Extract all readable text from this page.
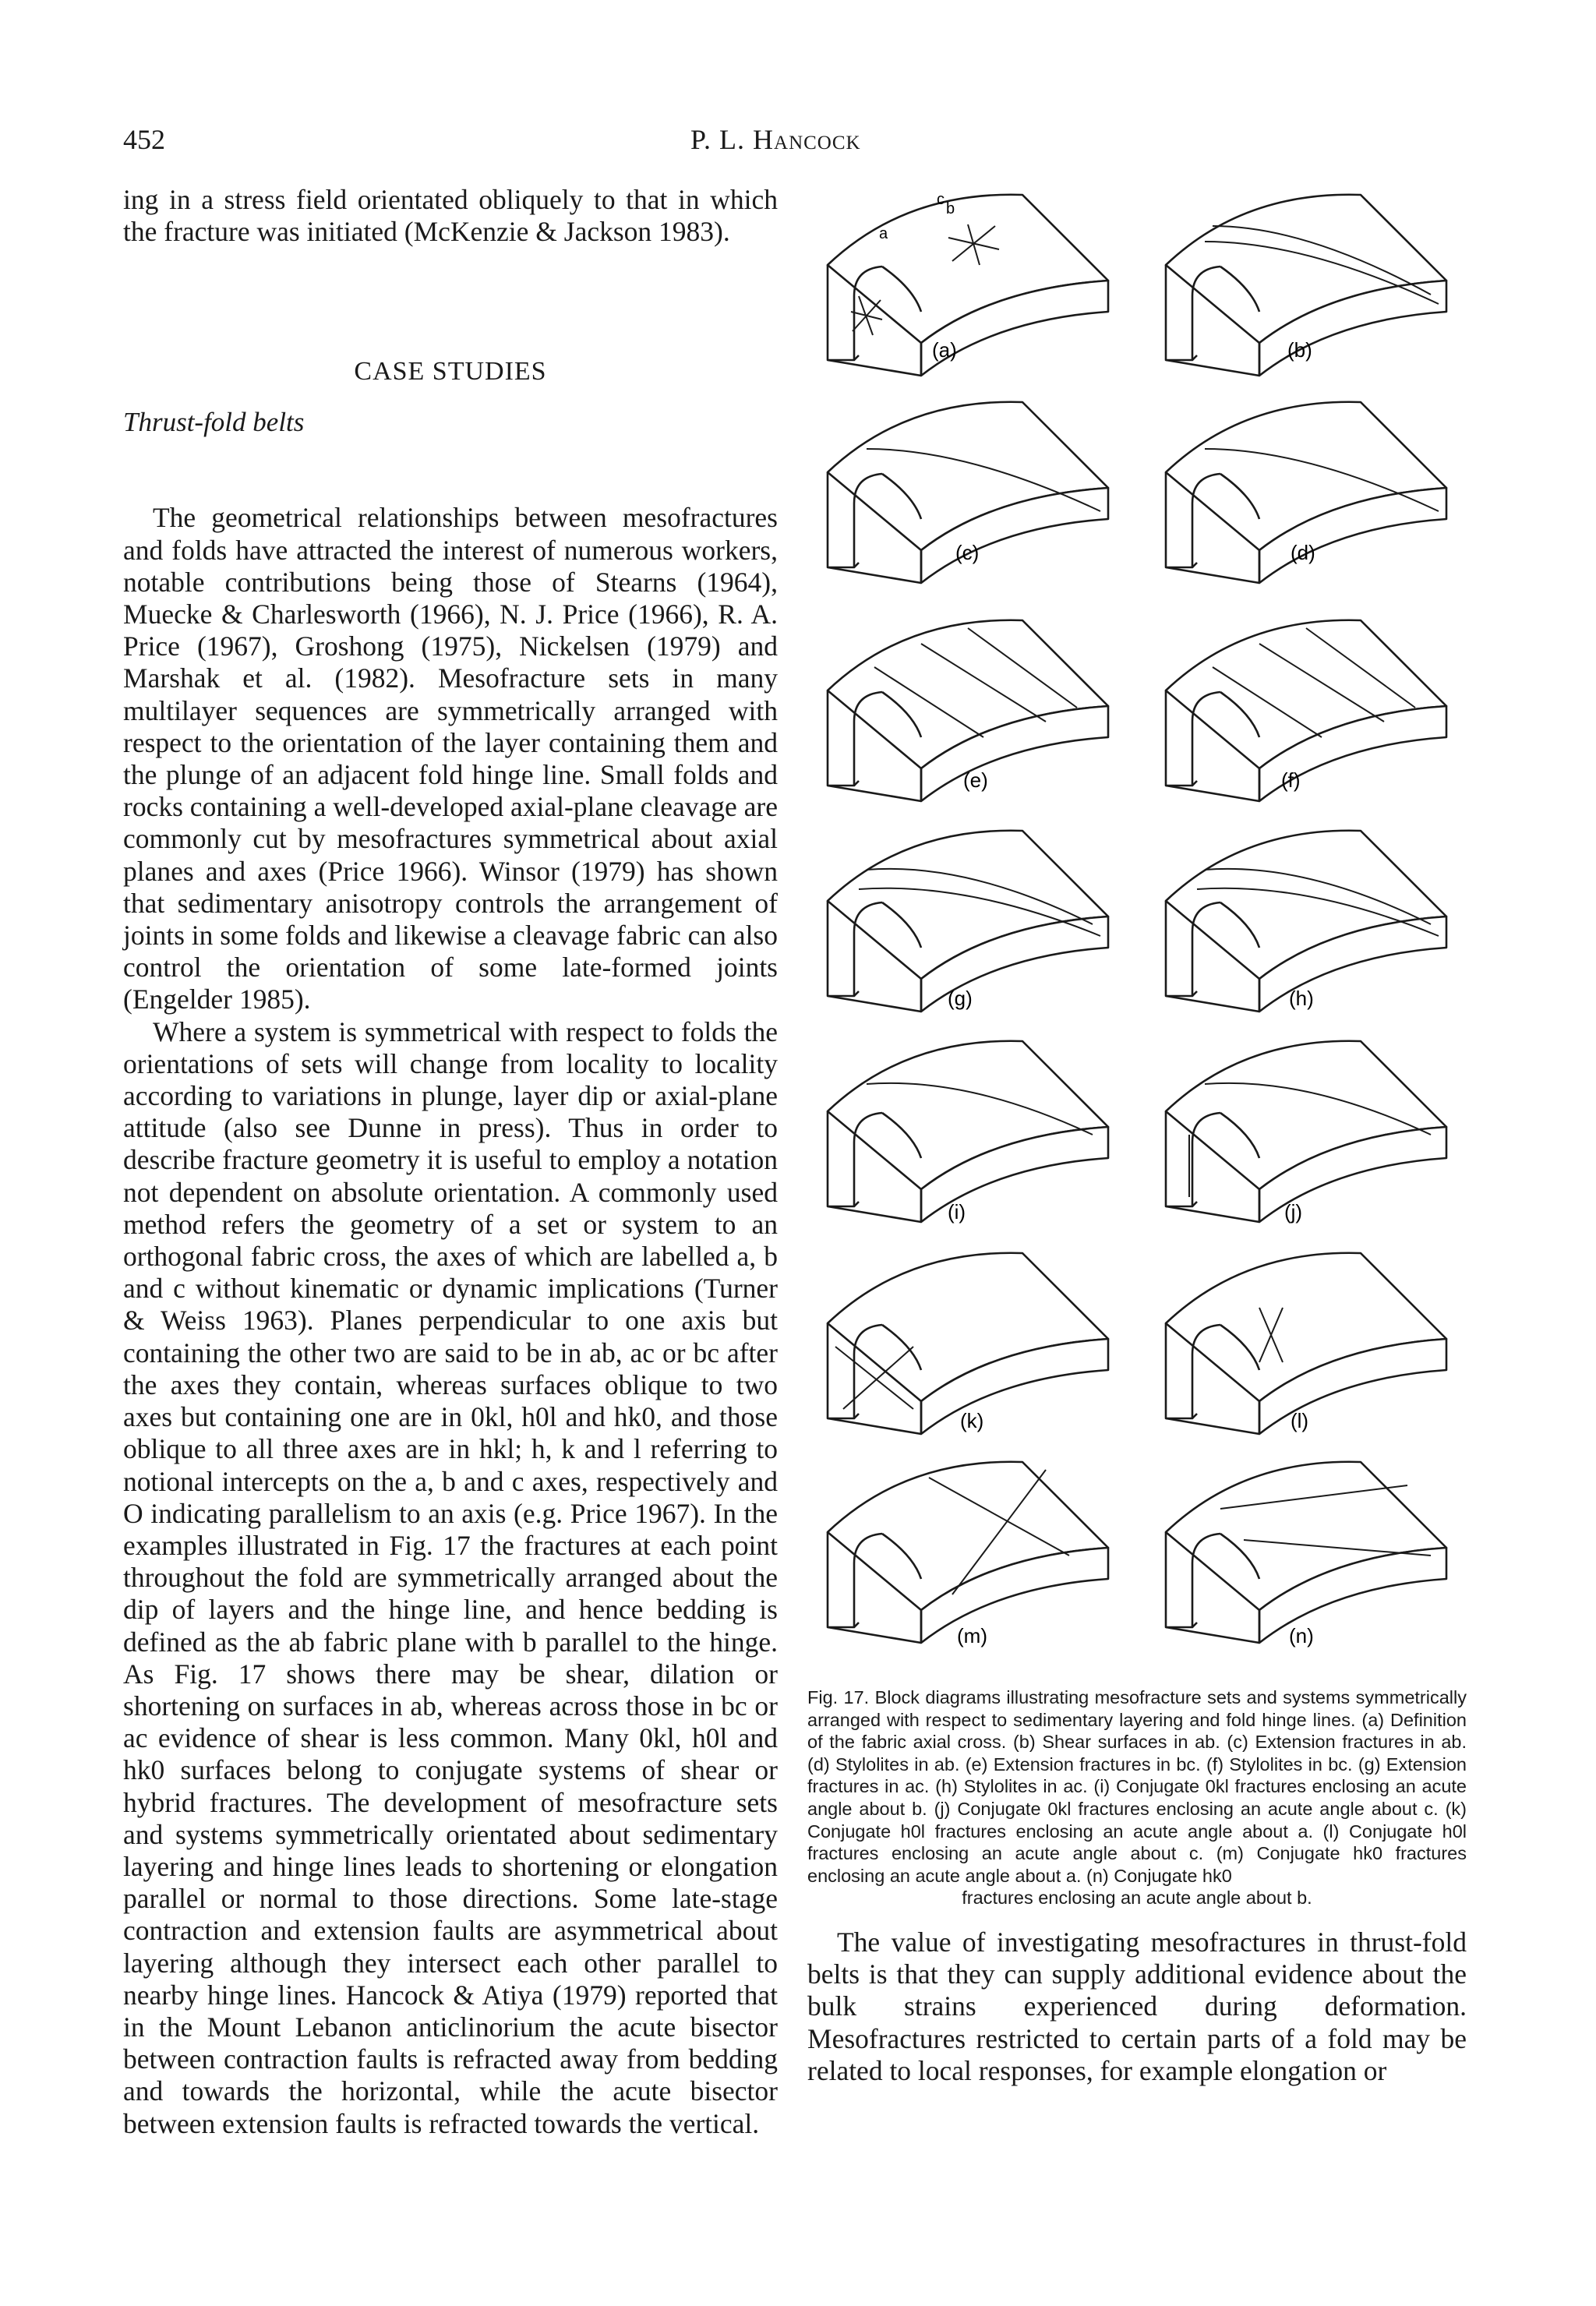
452	P. L. Hancock

ing in a stress field orientated obliquely to that in which the fracture was initiated (McKenzie & Jackson 1983).

CASE STUDIES
Thrust-fold belts

The geometrical relationships between mesofractures and folds have attracted the interest of numerous workers, notable contributions being those of Stearns (1964), Muecke & Charlesworth (1966), N. J. Price (1966), R. A. Price (1967), Groshong (1975), Nickelsen (1979) and Marshak et al. (1982). Mesofracture sets in many multilayer sequences are symmetrically arranged with respect to the orientation of the layer containing them and the plunge of an adjacent fold hinge line. Small folds and rocks containing a well-developed axial-plane cleavage are commonly cut by mesofractures symmetrical about axial planes and axes (Price 1966). Winsor (1979) has shown that sedimentary anisotropy controls the arrangement of joints in some folds and likewise a cleavage fabric can also control the orientation of some late-formed joints (Engelder 1985).

Where a system is symmetrical with respect to folds the orientations of sets will change from locality to locality according to variations in plunge, layer dip or axial-plane attitude (also see Dunne in press). Thus in order to describe fracture geometry it is useful to employ a notation not dependent on absolute orientation. A commonly used method refers the geometry of a set or system to an orthogonal fabric cross, the axes of which are labelled a, b and c without kinematic or dynamic implications (Turner & Weiss 1963). Planes perpendicular to one axis but containing the other two are said to be in ab, ac or bc after the axes they contain, whereas surfaces oblique to two axes but containing one are in 0kl, h0l and hk0, and those oblique to all three axes are in hkl; h, k and l referring to notional intercepts on the a, b and c axes, respectively and O indicating parallelism to an axis (e.g. Price 1967). In the examples illustrated in Fig. 17 the fractures at each point throughout the fold are symmetrically arranged about the dip of layers and the hinge line, and hence bedding is defined as the ab fabric plane with b parallel to the hinge. As Fig. 17 shows there may be shear, dilation or shortening on surfaces in ab, whereas across those in bc or ac evidence of shear is less common. Many 0kl, h0l and hk0 surfaces belong to conjugate systems of shear or hybrid fractures. The development of mesofracture sets and systems symmetrically orientated about sedimentary layering and hinge lines leads to shortening or elongation parallel or normal to those directions. Some late-stage contraction and extension faults are asymmetrical about layering although they intersect each other parallel to nearby hinge lines. Hancock & Atiya (1979) reported that in the Mount Lebanon anticlinorium the acute bisector between contraction faults is refracted away from bedding and towards the horizontal, while the acute bisector between extension faults is refracted towards the vertical.

(a)	(b)
a
b
c
(c)	(d)
(e)	(f)
(g)	(h)
(i)	(j)
(k)	(l)
(m)	(n)
Fig. 17. Block diagrams illustrating mesofracture sets and systems symmetrically arranged with respect to sedimentary layering and fold hinge lines. (a) Definition of the fabric axial cross. (b) Shear surfaces in ab. (c) Extension fractures in ab. (d) Stylolites in ab. (e) Extension fractures in bc. (f) Stylolites in bc. (g) Extension fractures in ac. (h) Stylolites in ac. (i) Conjugate 0kl fractures enclosing an acute angle about b. (j) Conjugate 0kl fractures enclosing an acute angle about c. (k) Conjugate h0l fractures enclosing an acute angle about a. (l) Conjugate h0l fractures enclosing an acute angle about c. (m) Conjugate hk0 fractures enclosing an acute angle about a. (n) Conjugate hk0
fractures enclosing an acute angle about b.

The value of investigating mesofractures in thrust-fold belts is that they can supply additional evidence about the bulk strains experienced during deformation. Mesofractures restricted to certain parts of a fold may be related to local responses, for example elongation or
